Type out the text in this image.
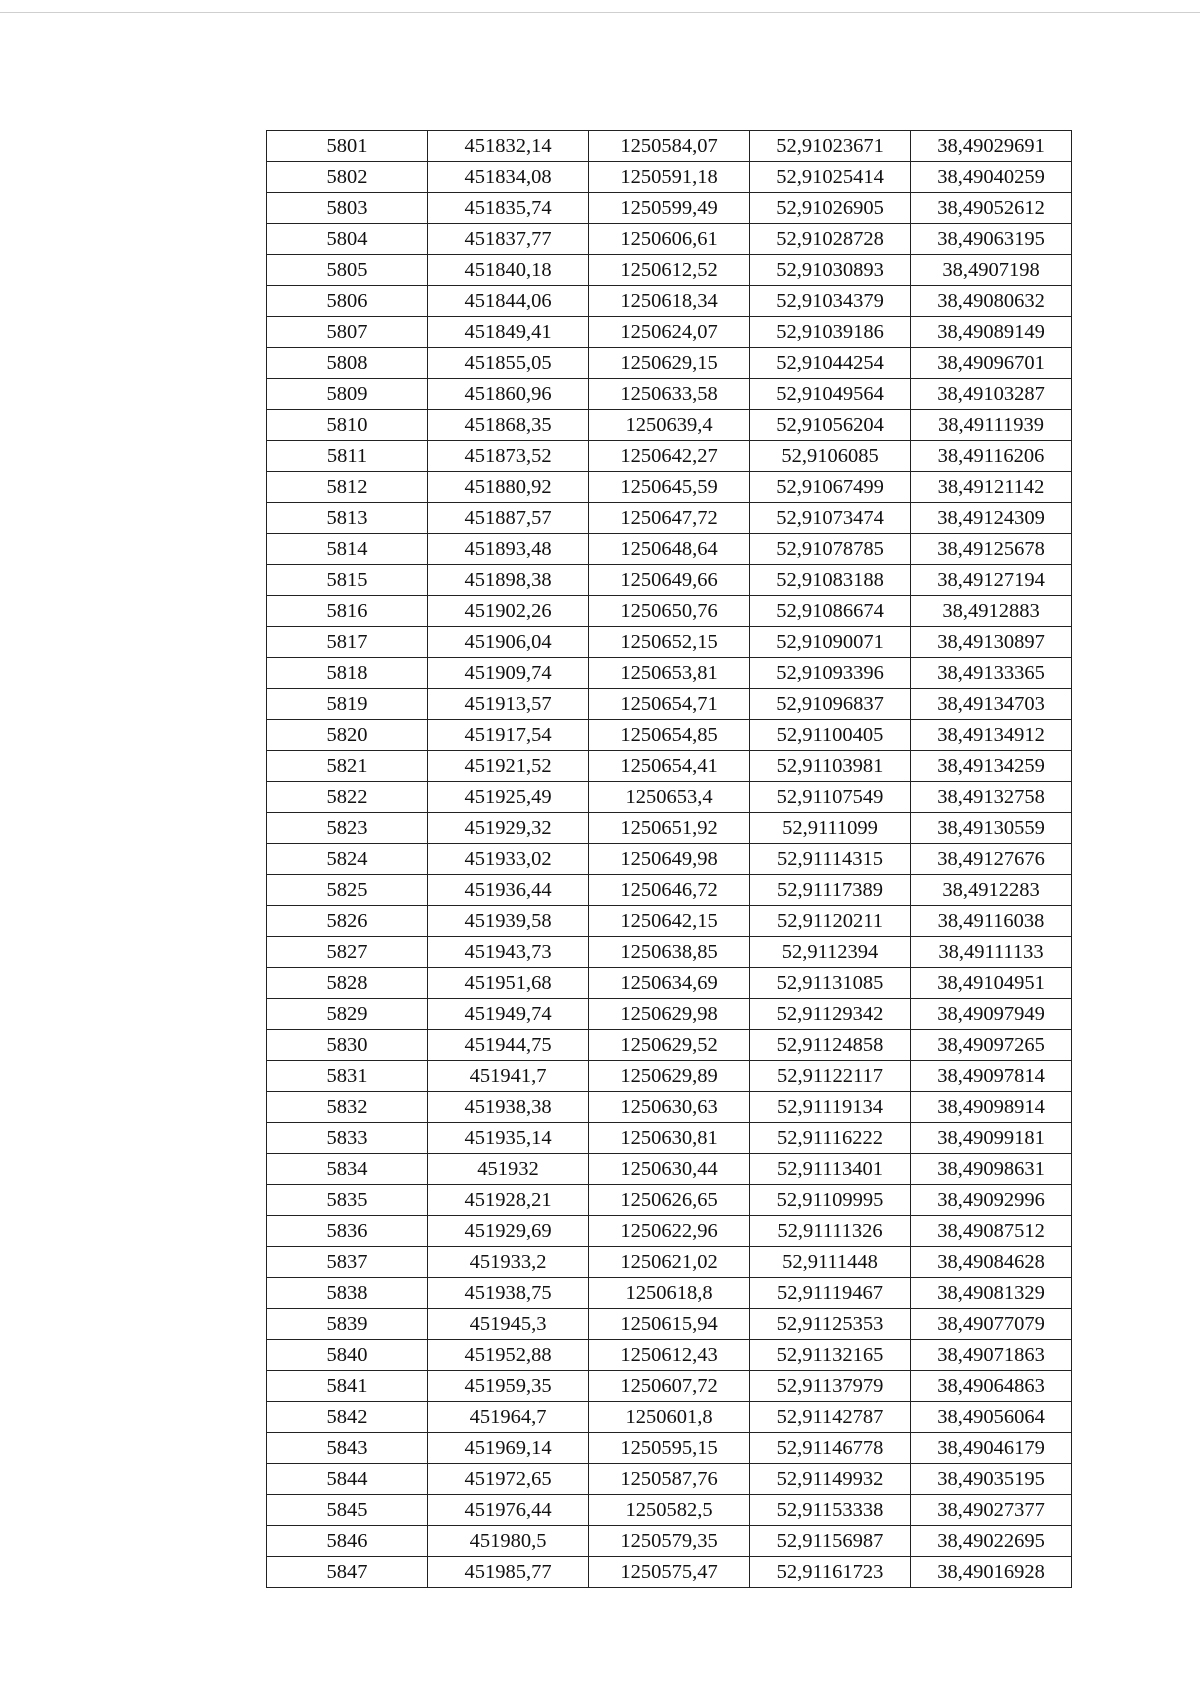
5801	451832,14	1250584,07	52,91023671	38,49029691
5802	451834,08	1250591,18	52,91025414	38,49040259
5803	451835,74	1250599,49	52,91026905	38,49052612
5804	451837,77	1250606,61	52,91028728	38,49063195
5805	451840,18	1250612,52	52,91030893	38,4907198
5806	451844,06	1250618,34	52,91034379	38,49080632
5807	451849,41	1250624,07	52,91039186	38,49089149
5808	451855,05	1250629,15	52,91044254	38,49096701
5809	451860,96	1250633,58	52,91049564	38,49103287
5810	451868,35	1250639,4	52,91056204	38,49111939
5811	451873,52	1250642,27	52,9106085	38,49116206
5812	451880,92	1250645,59	52,91067499	38,49121142
5813	451887,57	1250647,72	52,91073474	38,49124309
5814	451893,48	1250648,64	52,91078785	38,49125678
5815	451898,38	1250649,66	52,91083188	38,49127194
5816	451902,26	1250650,76	52,91086674	38,4912883
5817	451906,04	1250652,15	52,91090071	38,49130897
5818	451909,74	1250653,81	52,91093396	38,49133365
5819	451913,57	1250654,71	52,91096837	38,49134703
5820	451917,54	1250654,85	52,91100405	38,49134912
5821	451921,52	1250654,41	52,91103981	38,49134259
5822	451925,49	1250653,4	52,91107549	38,49132758
5823	451929,32	1250651,92	52,9111099	38,49130559
5824	451933,02	1250649,98	52,91114315	38,49127676
5825	451936,44	1250646,72	52,91117389	38,4912283
5826	451939,58	1250642,15	52,91120211	38,49116038
5827	451943,73	1250638,85	52,9112394	38,49111133
5828	451951,68	1250634,69	52,91131085	38,49104951
5829	451949,74	1250629,98	52,91129342	38,49097949
5830	451944,75	1250629,52	52,91124858	38,49097265
5831	451941,7	1250629,89	52,91122117	38,49097814
5832	451938,38	1250630,63	52,91119134	38,49098914
5833	451935,14	1250630,81	52,91116222	38,49099181
5834	451932	1250630,44	52,91113401	38,49098631
5835	451928,21	1250626,65	52,91109995	38,49092996
5836	451929,69	1250622,96	52,91111326	38,49087512
5837	451933,2	1250621,02	52,9111448	38,49084628
5838	451938,75	1250618,8	52,91119467	38,49081329
5839	451945,3	1250615,94	52,91125353	38,49077079
5840	451952,88	1250612,43	52,91132165	38,49071863
5841	451959,35	1250607,72	52,91137979	38,49064863
5842	451964,7	1250601,8	52,91142787	38,49056064
5843	451969,14	1250595,15	52,91146778	38,49046179
5844	451972,65	1250587,76	52,91149932	38,49035195
5845	451976,44	1250582,5	52,91153338	38,49027377
5846	451980,5	1250579,35	52,91156987	38,49022695
5847	451985,77	1250575,47	52,91161723	38,49016928
